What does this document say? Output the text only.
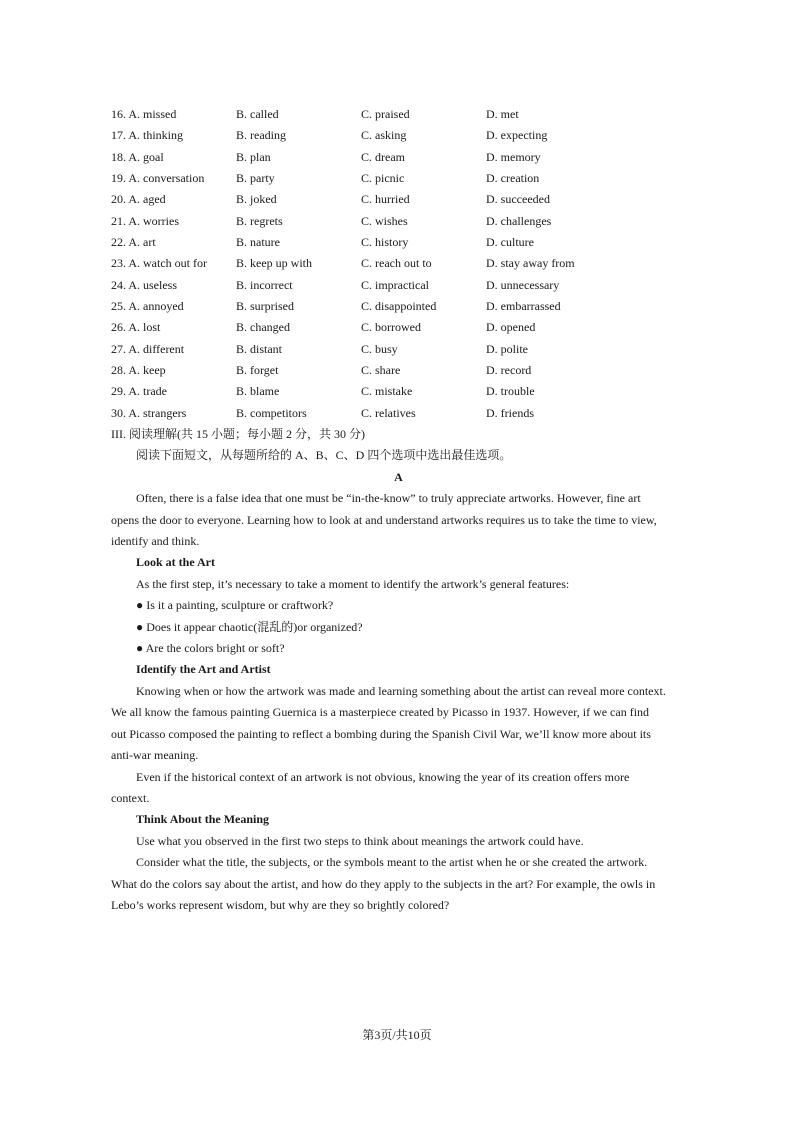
16. A. missed	B. called	C. praised	D. met
17. A. thinking	B. reading	C. asking	D. expecting
18. A. goal	B. plan	C. dream	D. memory
19. A. conversation	B. party	C. picnic	D. creation
20. A. aged	B. joked	C. hurried	D. succeeded
21. A. worries	B. regrets	C. wishes	D. challenges
22. A. art	B. nature	C. history	D. culture
23. A. watch out for B. keep up with	C. reach out to	D. stay away from
24. A. useless	B. incorrect	C. impractical	D. unnecessary
25. A. annoyed	B. surprised	C. disappointed	D. embarrassed
26. A. lost	B. changed	C. borrowed	D. opened
27. A. different	B. distant	C. busy	D. polite
28. A. keep	B. forget	C. share	D. record
29. A. trade	B. blame	C. mistake	D. trouble
30. A. strangers	B. competitors	C. relatives	D. friends

III. 阅读理解(共 15 小题；每小题 2 分，共 30 分)

阅读下面短文，从每题所给的 A、B、C、D 四个选项中选出最佳选项。

A

Often, there is a false idea that one must be “in-the-know” to truly appreciate artworks. However, fine art

opens the door to everyone. Learning how to look at and understand artworks requires us to take the time to view,

identify and think.

Look at the Art

As the first step, it’s necessary to take a moment to identify the artwork’s general features:

● Is it a painting, sculpture or craftwork?

● Does it appear chaotic(混乱的)or organized?

● Are the colors bright or soft?

Identify the Art and Artist

Knowing when or how the artwork was made and learning something about the artist can reveal more context.

We all know the famous painting Guernica is a masterpiece created by Picasso in 1937. However, if we can find

out Picasso composed the painting to reflect a bombing during the Spanish Civil War, we’ll know more about its

anti-war meaning.

Even if the historical context of an artwork is not obvious, knowing the year of its creation offers more

context.

Think About the Meaning

Use what you observed in the first two steps to think about meanings the artwork could have.

Consider what the title, the subjects, or the symbols meant to the artist when he or she created the artwork.

What do the colors say about the artist, and how do they apply to the subjects in the art? For example, the owls in

Lebo’s works represent wisdom, but why are they so brightly colored?

第3页/共10页
